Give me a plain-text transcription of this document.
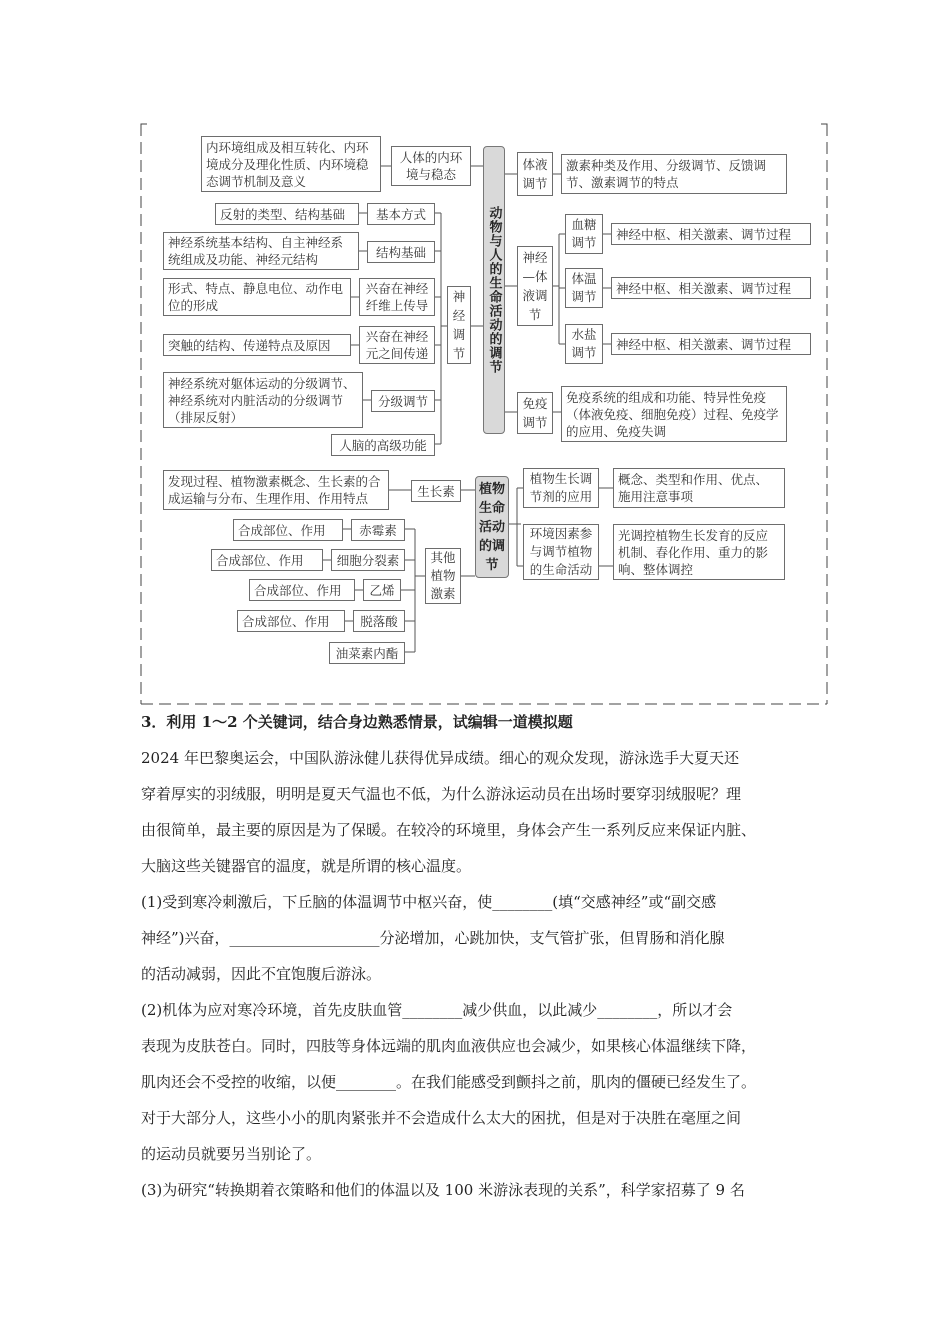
动物与人的生命活动的调节
植物生命活动的调节
内环境组成及相互转化、内环境成分及理化性质、内环境稳态调节机制及意义
人体的内环境与稳态
反射的类型、结构基础	基本方式
神经系统基本结构、自主神经系统组成及功能、神经元结构	结构基础
形式、特点、静息电位、动作电位的形成
兴奋在神经纤维上传导
突触的结构、传递特点及原因
兴奋在神经元之间传递
神经系统对躯体运动的分级调节、神经系统对内脏活动的分级调节（排尿反射）
分级调节
人脑的高级功能
神经调节
体液调节
激素种类及作用、分级调节、反馈调节、激素调节的特点
神经—体液调节
血糖调节
神经中枢、相关激素、调节过程
体温调节
神经中枢、相关激素、调节过程
水盐调节
神经中枢、相关激素、调节过程
免疫调节
免疫系统的组成和功能、特异性免疫（体液免疫、细胞免疫）过程、免疫学的应用、免疫失调
发现过程、植物激素概念、生长素的合成运输与分布、生理作用、作用特点	生长素
植物生长调节剂的应用
概念、类型和作用、优点、施用注意事项
环境因素参与调节植物的生命活动
光调控植物生长发育的反应机制、春化作用、重力的影响、整体调控
其他植物激素
合成部位、作用	赤霉素
合成部位、作用	细胞分裂素
合成部位、作用	乙烯
合成部位、作用	脱落酸
油菜素内酯
3．利用 1～2 个关键词，结合身边熟悉情景，试编辑一道模拟题

2024 年巴黎奥运会，中国队游泳健儿获得优异成绩。细心的观众发现，游泳选手大夏天还

穿着厚实的羽绒服，明明是夏天气温也不低，为什么游泳运动员在出场时要穿羽绒服呢？理

由很简单，最主要的原因是为了保暖。在较冷的环境里，身体会产生一系列反应来保证内脏、

大脑这些关键器官的温度，就是所谓的核心温度。

(1)受到寒冷刺激后，下丘脑的体温调节中枢兴奋，使________(填“交感神经”或“副交感

神经”)兴奋，____________________分泌增加，心跳加快，支气管扩张，但胃肠和消化腺

的活动减弱，因此不宜饱腹后游泳。

(2)机体为应对寒冷环境，首先皮肤血管________减少供血，以此减少________，所以才会

表现为皮肤苍白。同时，四肢等身体远端的肌肉血液供应也会减少，如果核心体温继续下降，

肌肉还会不受控的收缩，以便________。在我们能感受到颤抖之前，肌肉的僵硬已经发生了。

对于大部分人，这些小小的肌肉紧张并不会造成什么太大的困扰，但是对于决胜在毫厘之间

的运动员就要另当别论了。

(3)为研究“转换期着衣策略和他们的体温以及 100 米游泳表现的关系”，科学家招募了 9 名
